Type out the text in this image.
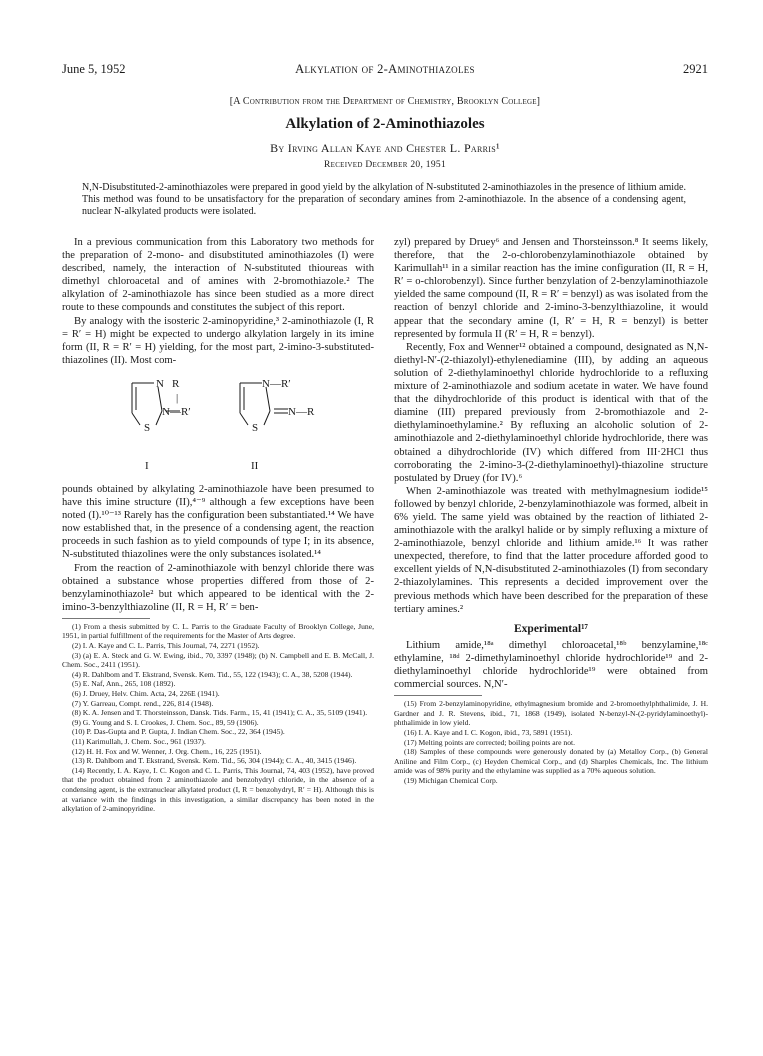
June 5, 1952	Alkylation of 2-Aminothiazoles	2921
[A Contribution from the Department of Chemistry, Brooklyn College]
Alkylation of 2-Aminothiazoles
By Irving Allan Kaye and Chester L. Parris¹
Received December 20, 1951
N,N-Disubstituted-2-aminothiazoles were prepared in good yield by the alkylation of N-substituted 2-aminothiazoles in the presence of lithium amide. This method was found to be unsatisfactory for the preparation of secondary amines from 2-aminothiazole. In the absence of a condensing agent, nuclear N-alkylated products were isolated.

In a previous communication from this Laboratory two methods for the preparation of 2-mono- and disubstituted aminothiazoles (I) were described, namely, the interaction of N-substituted thioureas with dimethyl chloroacetal and of amines with 2-bromothiazole.² The alkylation of 2-aminothiazole has since been studied as a more direct route to these compounds and constitutes the subject of this report.

By analogy with the isosteric 2-aminopyridine,³ 2-aminothiazole (I, R = R′ = H) might be expected to undergo alkylation largely in its imine form (II, R = R′ = H) yielding, for the most part, 2-imino-3-substituted-thiazolines (II). Most com-

N R
|
N—R′
S
I
N—R′
N—R
S
II

pounds obtained by alkylating 2-aminothiazole have been presumed to have this imine structure (II),⁴⁻⁹ although a few exceptions have been noted (I).¹⁰⁻¹³ Rarely has the configuration been substantiated.¹⁴ We have now established that, in the presence of a condensing agent, the reaction proceeds in such fashion as to yield compounds of type I; in its absence, N-substituted thiazolines were the only substances isolated.¹⁴

From the reaction of 2-aminothiazole with benzyl chloride there was obtained a substance whose properties differed from those of 2-benzylaminothiazole² but which appeared to be identical with the 2-imino-3-benzylthiazoline (II, R = H, R′ = ben-

(1) From a thesis submitted by C. L. Parris to the Graduate Faculty of Brooklyn College, June, 1951, in partial fulfillment of the requirements for the Master of Arts degree.

(2) I. A. Kaye and C. L. Parris, This Journal, 74, 2271 (1952).

(3) (a) E. A. Steck and G. W. Ewing, ibid., 70, 3397 (1948); (b) N. Campbell and E. B. McCall, J. Chem. Soc., 2411 (1951).

(4) R. Dahlbom and T. Ekstrand, Svensk. Kem. Tid., 55, 122 (1943); C. A., 38, 5208 (1944).

(5) E. Naf, Ann., 265, 108 (1892).

(6) J. Druey, Helv. Chim. Acta, 24, 226E (1941).

(7) Y. Garreau, Compt. rend., 226, 814 (1948).

(8) K. A. Jensen and T. Thorsteinsson, Dansk. Tids. Farm., 15, 41 (1941); C. A., 35, 5109 (1941).

(9) G. Young and S. I. Crookes, J. Chem. Soc., 89, 59 (1906).

(10) P. Das-Gupta and P. Gupta, J. Indian Chem. Soc., 22, 364 (1945).

(11) Karimullah, J. Chem. Soc., 961 (1937).

(12) H. H. Fox and W. Wenner, J. Org. Chem., 16, 225 (1951).

(13) R. Dahlbom and T. Ekstrand, Svensk. Kem. Tid., 56, 304 (1944); C. A., 40, 3415 (1946).

(14) Recently, I. A. Kaye, I. C. Kogon and C. L. Parris, This Journal, 74, 403 (1952), have proved that the product obtained from 2 aminothiazole and benzohydryl chloride, in the absence of a condensing agent, is the extranuclear alkylated product (I, R = benzohydryl, R′ = H). Although this is at variance with the findings in this investigation, a similar discrepancy has been noted in the alkylation of 2-aminopyridine.

zyl) prepared by Druey⁶ and Jensen and Thorsteinsson.⁸ It seems likely, therefore, that the 2-o-chlorobenzylaminothiazole obtained by Karimullah¹¹ in a similar reaction has the imine configuration (II, R = H, R′ = o-chlorobenzyl). Since further benzylation of 2-benzylaminothiazole yielded the same compound (II, R = R′ = benzyl) as was isolated from the reaction of benzyl chloride and 2-imino-3-benzylthiazoline, it would appear that the secondary amine (I, R′ = H, R = benzyl) is better represented by formula II (R′ = H, R = benzyl).

Recently, Fox and Wenner¹² obtained a compound, designated as N,N-diethyl-N′-(2-thiazolyl)-ethylenediamine (III), by adding an aqueous solution of 2-diethylaminoethyl chloride hydrochloride to a refluxing mixture of 2-aminothiazole and sodium acetate in water. We have found that the dihydrochloride of this product is identical with that of the diamine (III) prepared previously from 2-bromothiazole and 2-diethylaminoethylamine.² By refluxing an alcoholic solution of 2-aminothiazole and 2-diethylaminoethyl chloride hydrochloride, there was obtained a dihydrochloride (IV) which differed from III·2HCl thus corroborating the 2-imino-3-(2-diethylaminoethyl)-thiazoline structure postulated by Druey (for IV).⁶

When 2-aminothiazole was treated with methylmagnesium iodide¹⁵ followed by benzyl chloride, 2-benzylaminothiazole was formed, albeit in 6% yield. The same yield was obtained by the reaction of lithiated 2-aminothiazole with the aralkyl halide or by simply refluxing a mixture of 2-aminothiazole, benzyl chloride and lithium amide.¹⁶ It was rather unexpected, therefore, to find that the latter procedure afforded good to excellent yields of N,N-disubstituted 2-aminothiazoles (I) from secondary 2-thiazolylamines. This represents a decided improvement over the previous methods which have been described for the preparation of these tertiary amines.²

Experimental¹⁷

Lithium amide,¹⁸ᵃ dimethyl chloroacetal,¹⁸ᵇ benzylamine,¹⁸ᶜ ethylamine, ¹⁸ᵈ 2-dimethylaminoethyl chloride hydrochloride¹⁹ and 2-diethylaminoethyl chloride hydrochloride¹⁹ were obtained from commercial sources. N,N′-

(15) From 2-benzylaminopyridine, ethylmagnesium bromide and 2-bromoethylphthalimide, J. H. Gardner and J. R. Stevens, ibid., 71, 1868 (1949), isolated N-benzyl-N-(2-pyridylaminoethyl)-phthalimide in low yield.

(16) I. A. Kaye and I. C. Kogon, ibid., 73, 5891 (1951).

(17) Melting points are corrected; boiling points are not.

(18) Samples of these compounds were generously donated by (a) Metalloy Corp., (b) General Aniline and Film Corp., (c) Heyden Chemical Corp., and (d) Sharples Chemicals, Inc. The lithium amide was of 98% purity and the ethylamine was supplied as a 70% aqueous solution.

(19) Michigan Chemical Corp.
